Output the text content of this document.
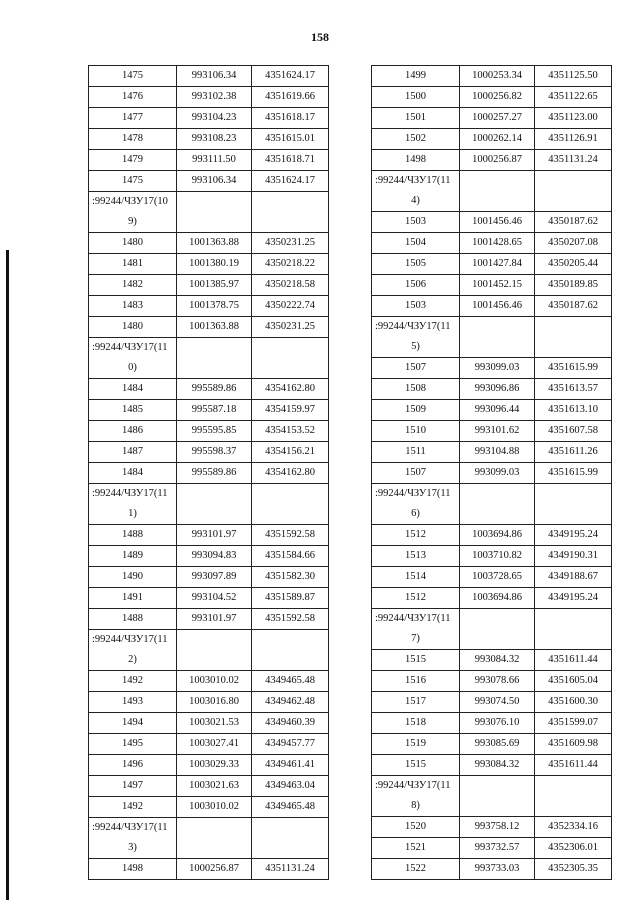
158
1475	993106.34	4351624.17
1476	993102.38	4351619.66
1477	993104.23	4351618.17
1478	993108.23	4351615.01
1479	993111.50	4351618.71
1475	993106.34	4351624.17

:99244/ЧЗУ17(10
9)		

1480	1001363.88	4350231.25
1481	1001380.19	4350218.22
1482	1001385.97	4350218.58
1483	1001378.75	4350222.74
1480	1001363.88	4350231.25

:99244/ЧЗУ17(11
0)		

1484	995589.86	4354162.80
1485	995587.18	4354159.97
1486	995595.85	4354153.52
1487	995598.37	4354156.21
1484	995589.86	4354162.80

:99244/ЧЗУ17(11
1)		

1488	993101.97	4351592.58
1489	993094.83	4351584.66
1490	993097.89	4351582.30
1491	993104.52	4351589.87
1488	993101.97	4351592.58

:99244/ЧЗУ17(11
2)		

1492	1003010.02	4349465.48
1493	1003016.80	4349462.48
1494	1003021.53	4349460.39
1495	1003027.41	4349457.77
1496	1003029.33	4349461.41
1497	1003021.63	4349463.04
1492	1003010.02	4349465.48

:99244/ЧЗУ17(11
3)		

1498	1000256.87	4351131.24
1499	1000253.34	4351125.50
1500	1000256.82	4351122.65
1501	1000257.27	4351123.00
1502	1000262.14	4351126.91
1498	1000256.87	4351131.24

:99244/ЧЗУ17(11
4)		

1503	1001456.46	4350187.62
1504	1001428.65	4350207.08
1505	1001427.84	4350205.44
1506	1001452.15	4350189.85
1503	1001456.46	4350187.62

:99244/ЧЗУ17(11
5)		

1507	993099.03	4351615.99
1508	993096.86	4351613.57
1509	993096.44	4351613.10
1510	993101.62	4351607.58
1511	993104.88	4351611.26
1507	993099.03	4351615.99

:99244/ЧЗУ17(11
6)		

1512	1003694.86	4349195.24
1513	1003710.82	4349190.31
1514	1003728.65	4349188.67
1512	1003694.86	4349195.24

:99244/ЧЗУ17(11
7)		

1515	993084.32	4351611.44
1516	993078.66	4351605.04
1517	993074.50	4351600.30
1518	993076.10	4351599.07
1519	993085.69	4351609.98
1515	993084.32	4351611.44

:99244/ЧЗУ17(11
8)		

1520	993758.12	4352334.16
1521	993732.57	4352306.01
1522	993733.03	4352305.35
